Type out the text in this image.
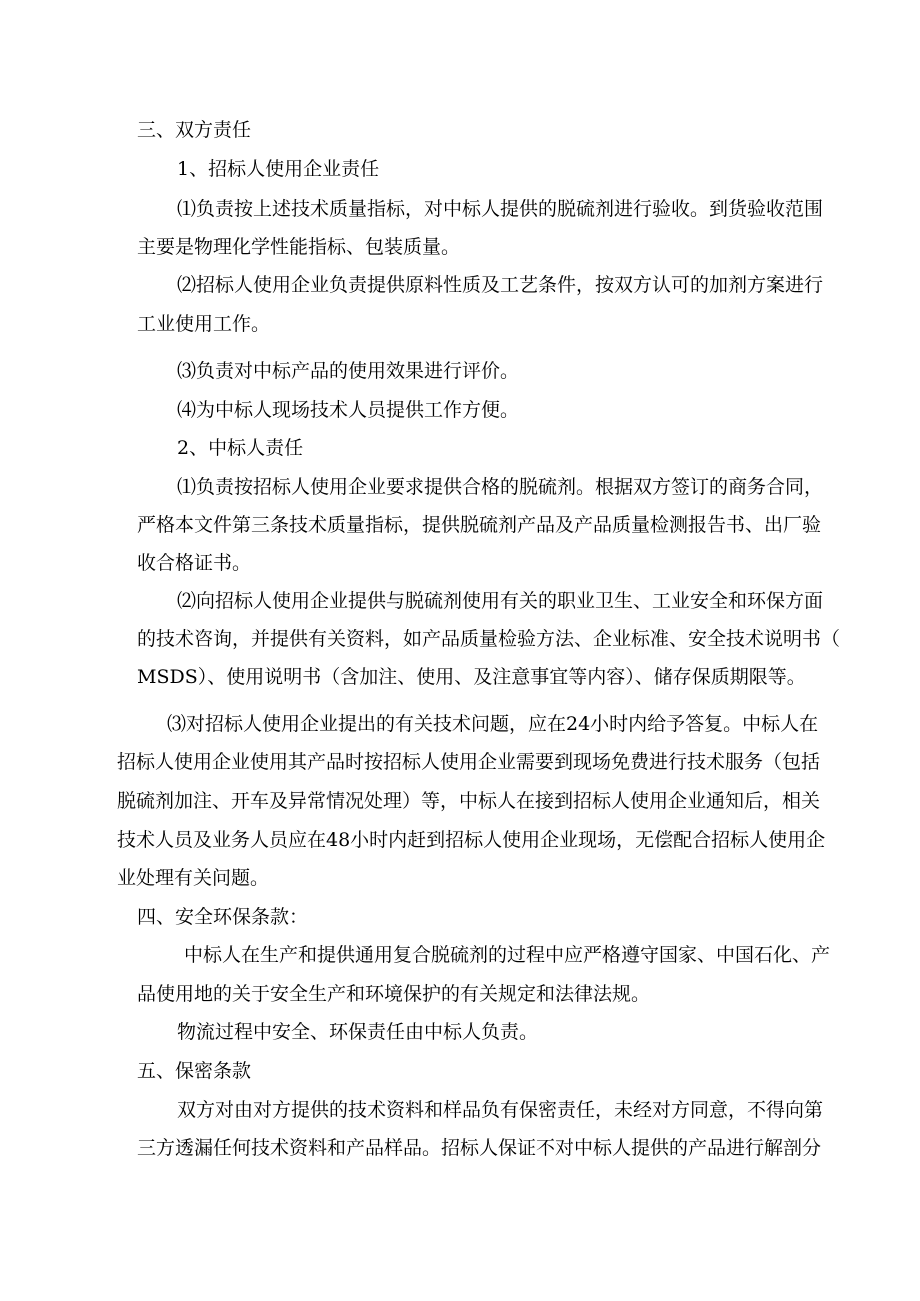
三、双方责任
1、招标人使用企业责任
⑴负责按上述技术质量指标，对中标人提供的脱硫剂进行验收。到货验收范围
主要是物理化学性能指标、包装质量。
⑵招标人使用企业负责提供原料性质及工艺条件，按双方认可的加剂方案进行
工业使用工作。
⑶负责对中标产品的使用效果进行评价。
⑷为中标人现场技术人员提供工作方便。
2、中标人责任
⑴负责按招标人使用企业要求提供合格的脱硫剂。根据双方签订的商务合同，
严格本文件第三条技术质量指标，提供脱硫剂产品及产品质量检测报告书、出厂验
收合格证书。
⑵向招标人使用企业提供与脱硫剂使用有关的职业卫生、工业安全和环保方面
的技术咨询，并提供有关资料，如产品质量检验方法、企业标准、安全技术说明书（
MSDS）、使用说明书（含加注、使用、及注意事宜等内容）、储存保质期限等。
⑶对招标人使用企业提出的有关技术问题，应在24小时内给予答复。中标人在
招标人使用企业使用其产品时按招标人使用企业需要到现场免费进行技术服务（包括
脱硫剂加注、开车及异常情况处理）等，中标人在接到招标人使用企业通知后，相关
技术人员及业务人员应在48小时内赶到招标人使用企业现场，无偿配合招标人使用企
业处理有关问题。
四、安全环保条款：
中标人在生产和提供通用复合脱硫剂的过程中应严格遵守国家、中国石化、产
品使用地的关于安全生产和环境保护的有关规定和法律法规。
物流过程中安全、环保责任由中标人负责。
五、保密条款
双方对由对方提供的技术资料和样品负有保密责任，未经对方同意，不得向第
三方透漏任何技术资料和产品样品。招标人保证不对中标人提供的产品进行解剖分
